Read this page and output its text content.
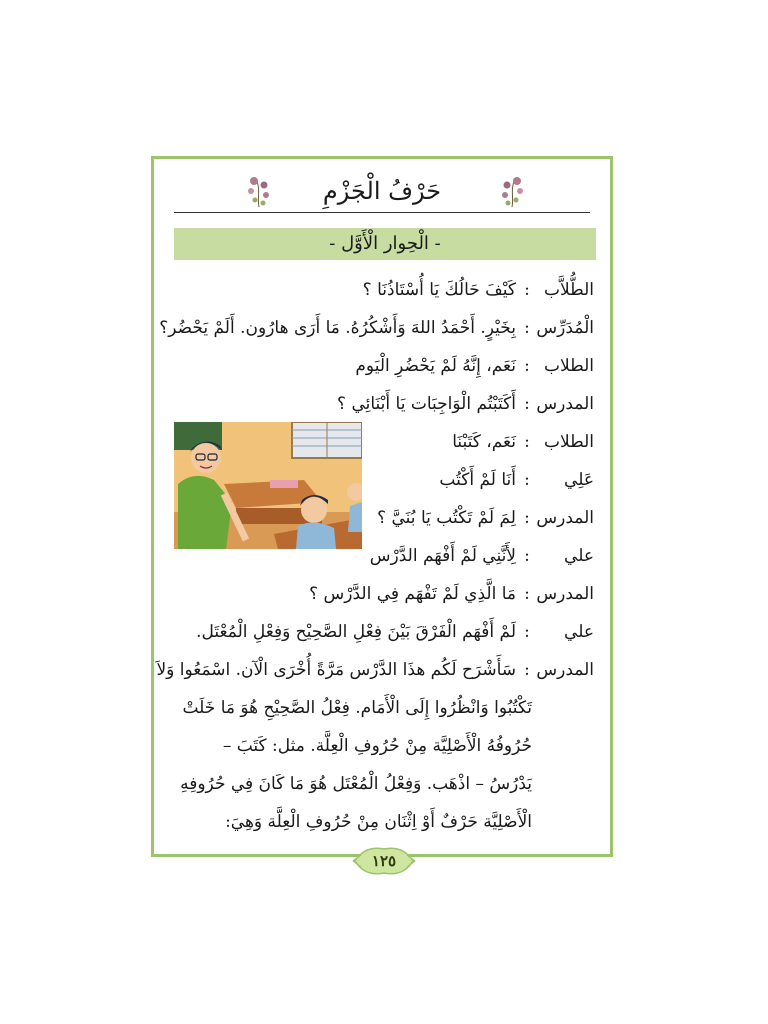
حَرْفُ الْجَزْمِ
- الْحِوار الْأَوَّل -
الطُّلاَّب
:
كَيْفَ حَالُكَ يَا أُسْتَاذُنَا ؟
الْمُدَرِّس
:
بِخَيْرٍ. أَحْمَدُ اللهَ وَأَشْكُرُهُ. مَا أَرَى هارُون. أَلَمْ يَحْضُر؟
الطلاب
:
نَعَم، إِنَّهُ لَمْ يَحْضُرِ الْيَوم
المدرس
:
أَكَتَبْتُم الْوَاجِبَات يَا أَبْنَائِي ؟
الطلاب
:
نَعَم، كَتَبْنَا
عَلِي
:
أَنَا لَمْ أَكْتُب
المدرس
:
لِمَ لَمْ تَكْتُب يَا بُنَيَّ ؟
علي
:
لِأَنَّنِي لَمْ أَفْهَم الدَّرْس
المدرس
:
مَا الَّذِي لَمْ تَفْهَم فِي الدَّرْس ؟
علي
:
لَمْ أَفْهَم الْفَرْقَ بَيْنَ فِعْلِ الصَّحِيْح وَفِعْلِ الْمُعْتَل.
المدرس
:
سَأَشْرَح لَكُم هذَا الدَّرْس مَرَّةً أُخْرَى الْآن. اسْمَعُوا وَلاَ
تَكْتُبُوا وَانْظُرُوا إِلَى الْأَمَام. فِعْلُ الصَّحِيْحِ هُوَ مَا خَلَتْ
حُرُوفُهُ الْأَصْلِيَّة مِنْ حُرُوفِ الْعِلَّة. مثل: كَتَبَ –
يَدْرُسُ – اذْهَب. وَفِعْلُ الْمُعْتَل هُوَ مَا كَانَ فِي حُرُوفِهِ
الْأَصْلِيَّة حَرْفٌ أَوْ اِثْنَان مِنْ حُرُوفِ الْعِلَّة وَهِيَ:
١٢٥
